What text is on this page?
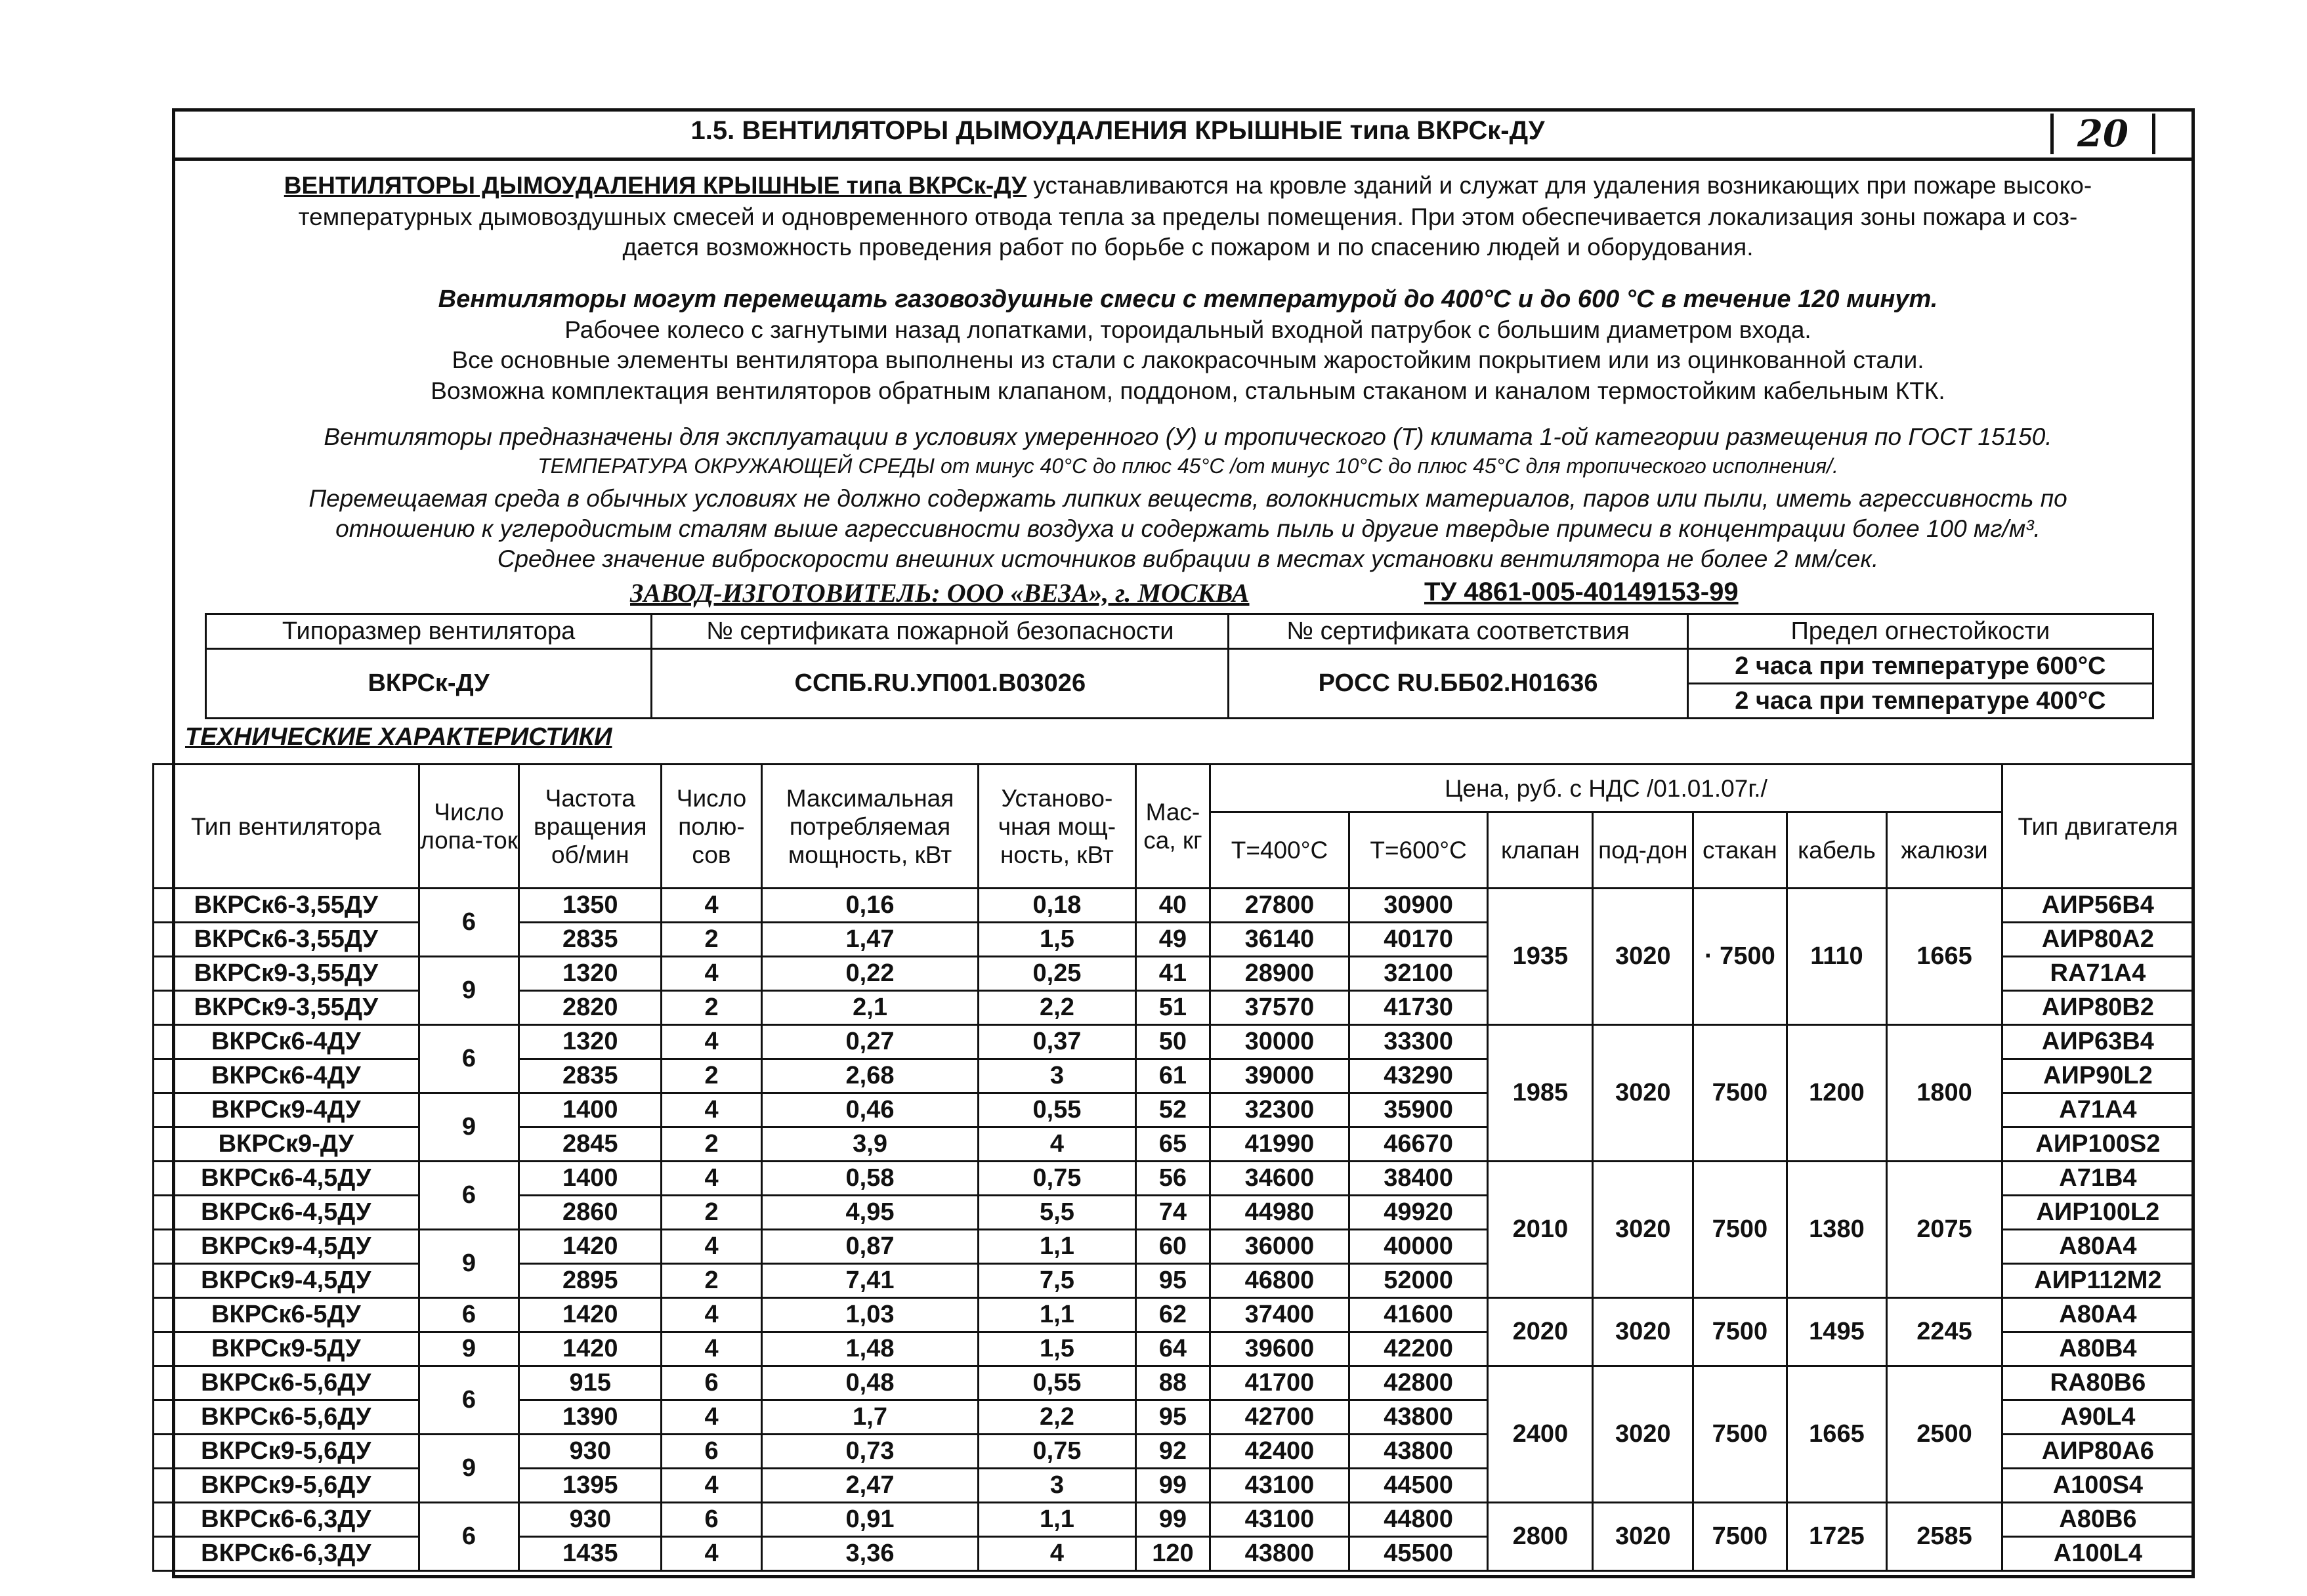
1.5. ВЕНТИЛЯТОРЫ ДЫМОУДАЛЕНИЯ КРЫШНЫЕ типа ВКРСк-ДУ	20
ВЕНТИЛЯТОРЫ ДЫМОУДАЛЕНИЯ КРЫШНЫЕ типа ВКРСк-ДУ устанавливаются на кровле зданий и служат для удаления возникающих при пожаре высоко-
температурных дымовоздушных смесей и одновременного отвода тепла за пределы помещения. При этом обеспечивается локализация зоны пожара и соз-
дается возможность проведения работ по борьбе с пожаром и по спасению людей и оборудования.
Вентиляторы могут перемещать газовоздушные смеси с температурой до 400°С и до 600 °С в течение 120 минут.
Рабочее колесо с загнутыми назад лопатками, тороидальный входной патрубок с большим диаметром входа.
Все основные элементы вентилятора выполнены из стали с лакокрасочным жаростойким покрытием или из оцинкованной стали.
Возможна комплектация вентиляторов обратным клапаном, поддоном, стальным стаканом и каналом термостойким кабельным КТК.
Вентиляторы предназначены для эксплуатации в условиях умеренного (У) и тропического (Т) климата 1-ой категории размещения по ГОСТ 15150.
ТЕМПЕРАТУРА ОКРУЖАЮЩЕЙ СРЕДЫ от минус 40°С до плюс 45°С /от минус 10°С до плюс 45°С для тропического исполнения/.
Перемещаемая среда в обычных условиях не должно содержать липких веществ, волокнистых материалов, паров или пыли, иметь агрессивность по
отношению к углеродистым сталям выше агрессивности воздуха и содержать пыль и другие твердые примеси в концентрации более 100 мг/м³.
Среднее значение виброскорости внешних источников вибрации в местах установки вентилятора не более 2 мм/сек.
ЗАВОД-ИЗГОТОВИТЕЛЬ: ООО «ВЕЗА», г. МОСКВА	ТУ 4861-005-40149153-99
Типоразмер вентилятора	№ сертификата пожарной безопасности	№ сертификата соответствия	Предел огнестойкости
ВКРСк-ДУ	ССПБ.RU.УП001.В03026	РОСС RU.ББ02.Н01636	2 часа при температуре 600°С
			2 часа при температуре 400°С
ТЕХНИЧЕСКИЕ ХАРАКТЕРИСТИКИ
Тип вентилятора	Число лопа-ток	Частота вращения об/мин	Число полю-сов	Максимальная потребляемая мощность, кВт	Установо-чная мощ-ность, кВт	Мас-са, кг	Цена, руб. с НДС /01.01.07г./							Тип двигателя
							Т=400°С	Т=600°С	клапан	под-дон	стакан	кабель	жалюзи	
ВКРСк6-3,55ДУ	6	1350	4	0,16	0,18	40	27800	30900	1935	3020	· 7500	1110	1665	АИР56В4
ВКРСк6-3,55ДУ		2835	2	1,47	1,5	49	36140	40170						АИР80А2
ВКРСк9-3,55ДУ	9	1320	4	0,22	0,25	41	28900	32100						RA71A4
ВКРСк9-3,55ДУ		2820	2	2,1	2,2	51	37570	41730						АИР80В2
ВКРСк6-4ДУ	6	1320	4	0,27	0,37	50	30000	33300	1985	3020	7500	1200	1800	АИР63В4
ВКРСк6-4ДУ		2835	2	2,68	3	61	39000	43290						АИР90L2
ВКРСк9-4ДУ	9	1400	4	0,46	0,55	52	32300	35900						А71А4
ВКРСк9-ДУ		2845	2	3,9	4	65	41990	46670						АИР100S2
ВКРСк6-4,5ДУ	6	1400	4	0,58	0,75	56	34600	38400	2010	3020	7500	1380	2075	А71В4
ВКРСк6-4,5ДУ		2860	2	4,95	5,5	74	44980	49920						АИР100L2
ВКРСк9-4,5ДУ	9	1420	4	0,87	1,1	60	36000	40000						А80А4
ВКРСк9-4,5ДУ		2895	2	7,41	7,5	95	46800	52000						АИР112М2
ВКРСк6-5ДУ	6	1420	4	1,03	1,1	62	37400	41600	2020	3020	7500	1495	2245	А80А4
ВКРСк9-5ДУ	9	1420	4	1,48	1,5	64	39600	42200						А80В4
ВКРСк6-5,6ДУ	6	915	6	0,48	0,55	88	41700	42800	2400	3020	7500	1665	2500	RA80B6
ВКРСк6-5,6ДУ		1390	4	1,7	2,2	95	42700	43800						А90L4
ВКРСк9-5,6ДУ	9	930	6	0,73	0,75	92	42400	43800						АИР80А6
ВКРСк9-5,6ДУ		1395	4	2,47	3	99	43100	44500						А100S4
ВКРСк6-6,3ДУ	6	930	6	0,91	1,1	99	43100	44800	2800	3020	7500	1725	2585	А80В6
ВКРСк6-6,3ДУ		1435	4	3,36	4	120	43800	45500						А100L4
